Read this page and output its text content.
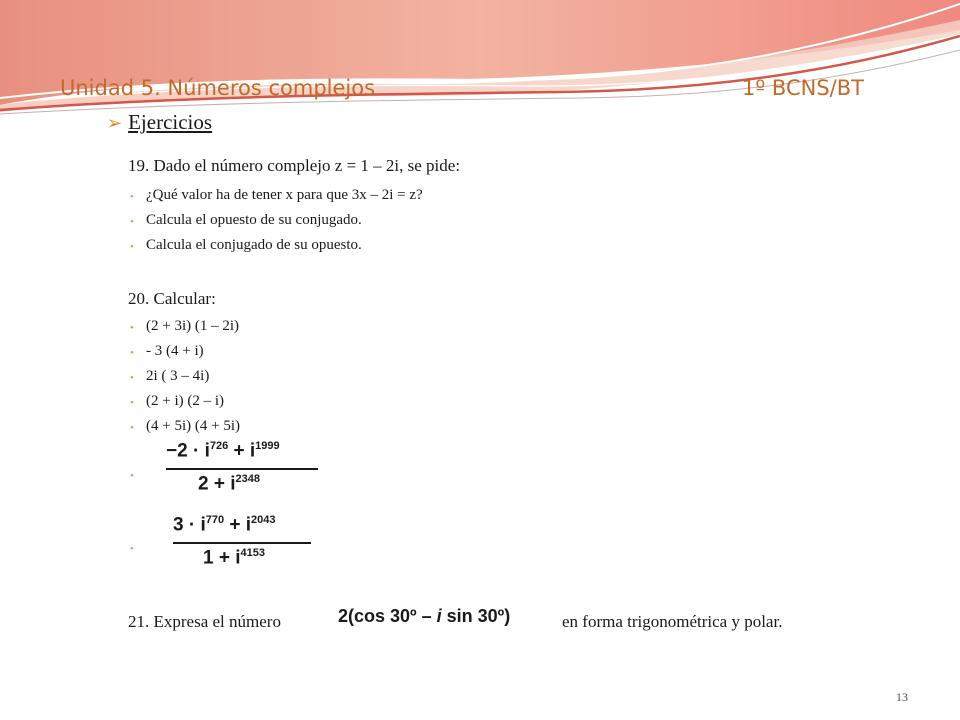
Unidad 5. Números complejos	1º BCNS/BT
➢ Ejercicios
19. Dado el número complejo z = 1 – 2i, se pide:
• ¿Qué valor ha de tener x para que 3x – 2i = z?
• Calcula el opuesto de su conjugado.
• Calcula el conjugado de su opuesto.
20. Calcular:
• (2 + 3i) (1 – 2i)
• - 3 (4 + i)
• 2i ( 3 – 4i)
• (2 + i) (2 – i)
• (4 + 5i) (4 + 5i)
•
$-2 \cdot i^{726} + i^{1999}$
$2 + i^{2348}$
•
$3 \cdot i^{770} + i^{2043}$
$1 + i^{4153}$
21. Expresa el número	2(cos 30º – i sin 30º)	en forma trigonométrica y polar.
13
